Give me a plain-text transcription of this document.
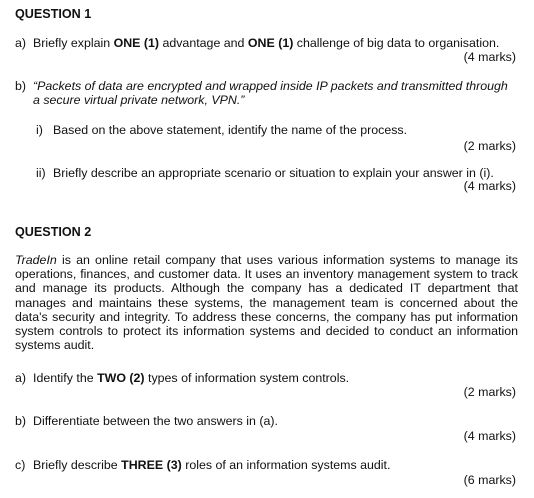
QUESTION 1
a) Briefly explain ONE (1) advantage and ONE (1) challenge of big data to organisation.
(4 marks)
b) “Packets of data are encrypted and wrapped inside IP packets and transmitted through
a secure virtual private network, VPN.”
i) Based on the above statement, identify the name of the process.
(2 marks)
ii) Briefly describe an appropriate scenario or situation to explain your answer in (i).
(4 marks)
QUESTION 2
TradeIn is an online retail company that uses various information systems to manage its operations, finances, and customer data. It uses an inventory management system to track and manage its products. Although the company has a dedicated IT department that manages and maintains these systems, the management team is concerned about the data's security and integrity. To address these concerns, the company has put information system controls to protect its information systems and decided to conduct an information systems audit.
a) Identify the TWO (2) types of information system controls.
(2 marks)
b) Differentiate between the two answers in (a).
(4 marks)
c) Briefly describe THREE (3) roles of an information systems audit.
(6 marks)
